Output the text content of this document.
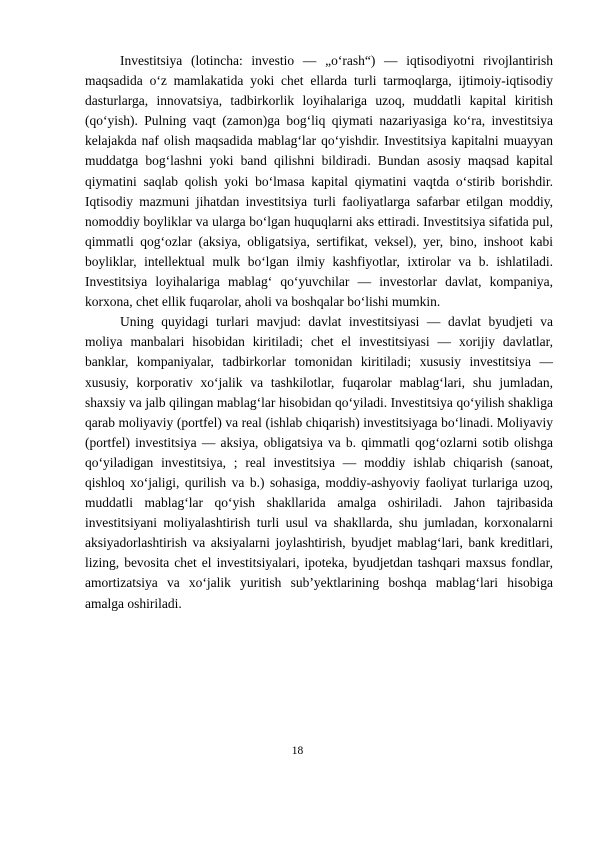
Investitsiya (lotincha: investio — „o‘rash“) — iqtisodiyotni rivojlantirish maqsadida o‘z mamlakatida yoki chet ellarda turli tarmoqlarga, ijtimoiy-iqtisodiy dasturlarga, innovatsiya, tadbirkorlik loyihalariga uzoq, muddatli kapital kiritish (qo‘yish). Pulning vaqt (zamon)ga bog‘liq qiymati nazariyasiga ko‘ra, investitsiya kelajakda naf olish maqsadida mablag‘lar qo‘yishdir. Investitsiya kapitalni muayyan muddatga bog‘lashni yoki band qilishni bildiradi. Bundan asosiy maqsad kapital qiymatini saqlab qolish yoki bo‘lmasa kapital qiymatini vaqtda o‘stirib borishdir. Iqtisodiy mazmuni jihatdan investitsiya turli faoliyatlarga safarbar etilgan moddiy, nomoddiy boyliklar va ularga bo‘lgan huquqlarni aks ettiradi. Investitsiya sifatida pul, qimmatli qog‘ozlar (aksiya, obligatsiya, sertifikat, veksel), yer, bino, inshoot kabi boyliklar, intellektual mulk bo‘lgan ilmiy kashfiyotlar, ixtirolar va b. ishlatiladi. Investitsiya loyihalariga mablag‘ qo‘yuvchilar — investorlar davlat, kompaniya, korxona, chet ellik fuqarolar, aholi va boshqalar bo‘lishi mumkin.

Uning quyidagi turlari mavjud: davlat investitsiyasi — davlat byudjeti va moliya manbalari hisobidan kiritiladi; chet el investitsiyasi — xorijiy davlatlar, banklar, kompaniyalar, tadbirkorlar tomonidan kiritiladi; xususiy investitsiya — xususiy, korporativ xo‘jalik va tashkilotlar, fuqarolar mablag‘lari, shu jumladan, shaxsiy va jalb qilingan mablag‘lar hisobidan qo‘yiladi. Investitsiya qo‘yilish shakliga qarab moliyaviy (portfel) va real (ishlab chiqarish) investitsiyaga bo‘linadi. Moliyaviy (portfel) investitsiya — aksiya, obligatsiya va b. qimmatli qog‘ozlarni sotib olishga qo‘yiladigan investitsiya, ; real investitsiya — moddiy ishlab chiqarish (sanoat, qishloq xo‘jaligi, qurilish va b.) sohasiga, moddiy-ashyoviy faoliyat turlariga uzoq, muddatli mablag‘lar qo‘yish shakllarida amalga oshiriladi. Jahon tajribasida investitsiyani moliyalashtirish turli usul va shakllarda, shu jumladan, korxonalarni aksiyadorlashtirish va aksiyalarni joylashtirish, byudjet mablag‘lari, bank kreditlari, lizing, bevosita chet el investitsiyalari, ipoteka, byudjetdan tashqari maxsus fondlar, amortizatsiya va xo‘jalik yuritish sub’yektlarining boshqa mablag‘lari hisobiga amalga oshiriladi.

18
